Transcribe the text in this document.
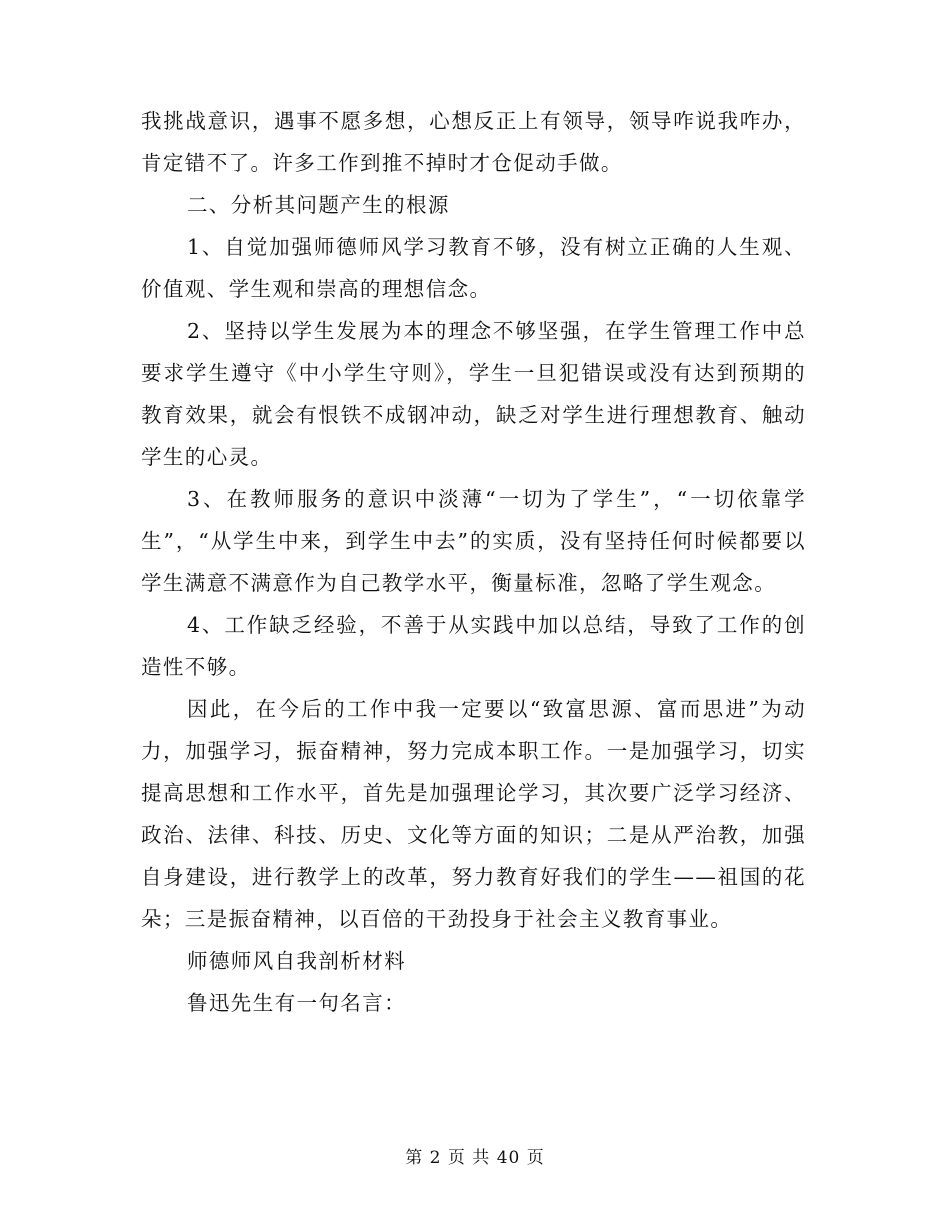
我挑战意识，遇事不愿多想，心想反正上有领导，领导咋说我咋办，肯定错不了。许多工作到推不掉时才仓促动手做。

二、分析其问题产生的根源

1、自觉加强师德师风学习教育不够，没有树立正确的人生观、价值观、学生观和崇高的理想信念。

2、坚持以学生发展为本的理念不够坚强，在学生管理工作中总要求学生遵守《中小学生守则》，学生一旦犯错误或没有达到预期的教育效果，就会有恨铁不成钢冲动，缺乏对学生进行理想教育、触动学生的心灵。

3、在教师服务的意识中淡薄“一切为了学生”，“一切依靠学生”，“从学生中来，到学生中去”的实质，没有坚持任何时候都要以学生满意不满意作为自己教学水平，衡量标准，忽略了学生观念。

4、工作缺乏经验，不善于从实践中加以总结，导致了工作的创造性不够。

因此，在今后的工作中我一定要以“致富思源、富而思进”为动力，加强学习，振奋精神，努力完成本职工作。一是加强学习，切实提高思想和工作水平，首先是加强理论学习，其次要广泛学习经济、政治、法律、科技、历史、文化等方面的知识；二是从严治教，加强自身建设，进行教学上的改革，努力教育好我们的学生——祖国的花朵；三是振奋精神，以百倍的干劲投身于社会主义教育事业。

师德师风自我剖析材料

鲁迅先生有一句名言：

第 2 页 共 40 页
